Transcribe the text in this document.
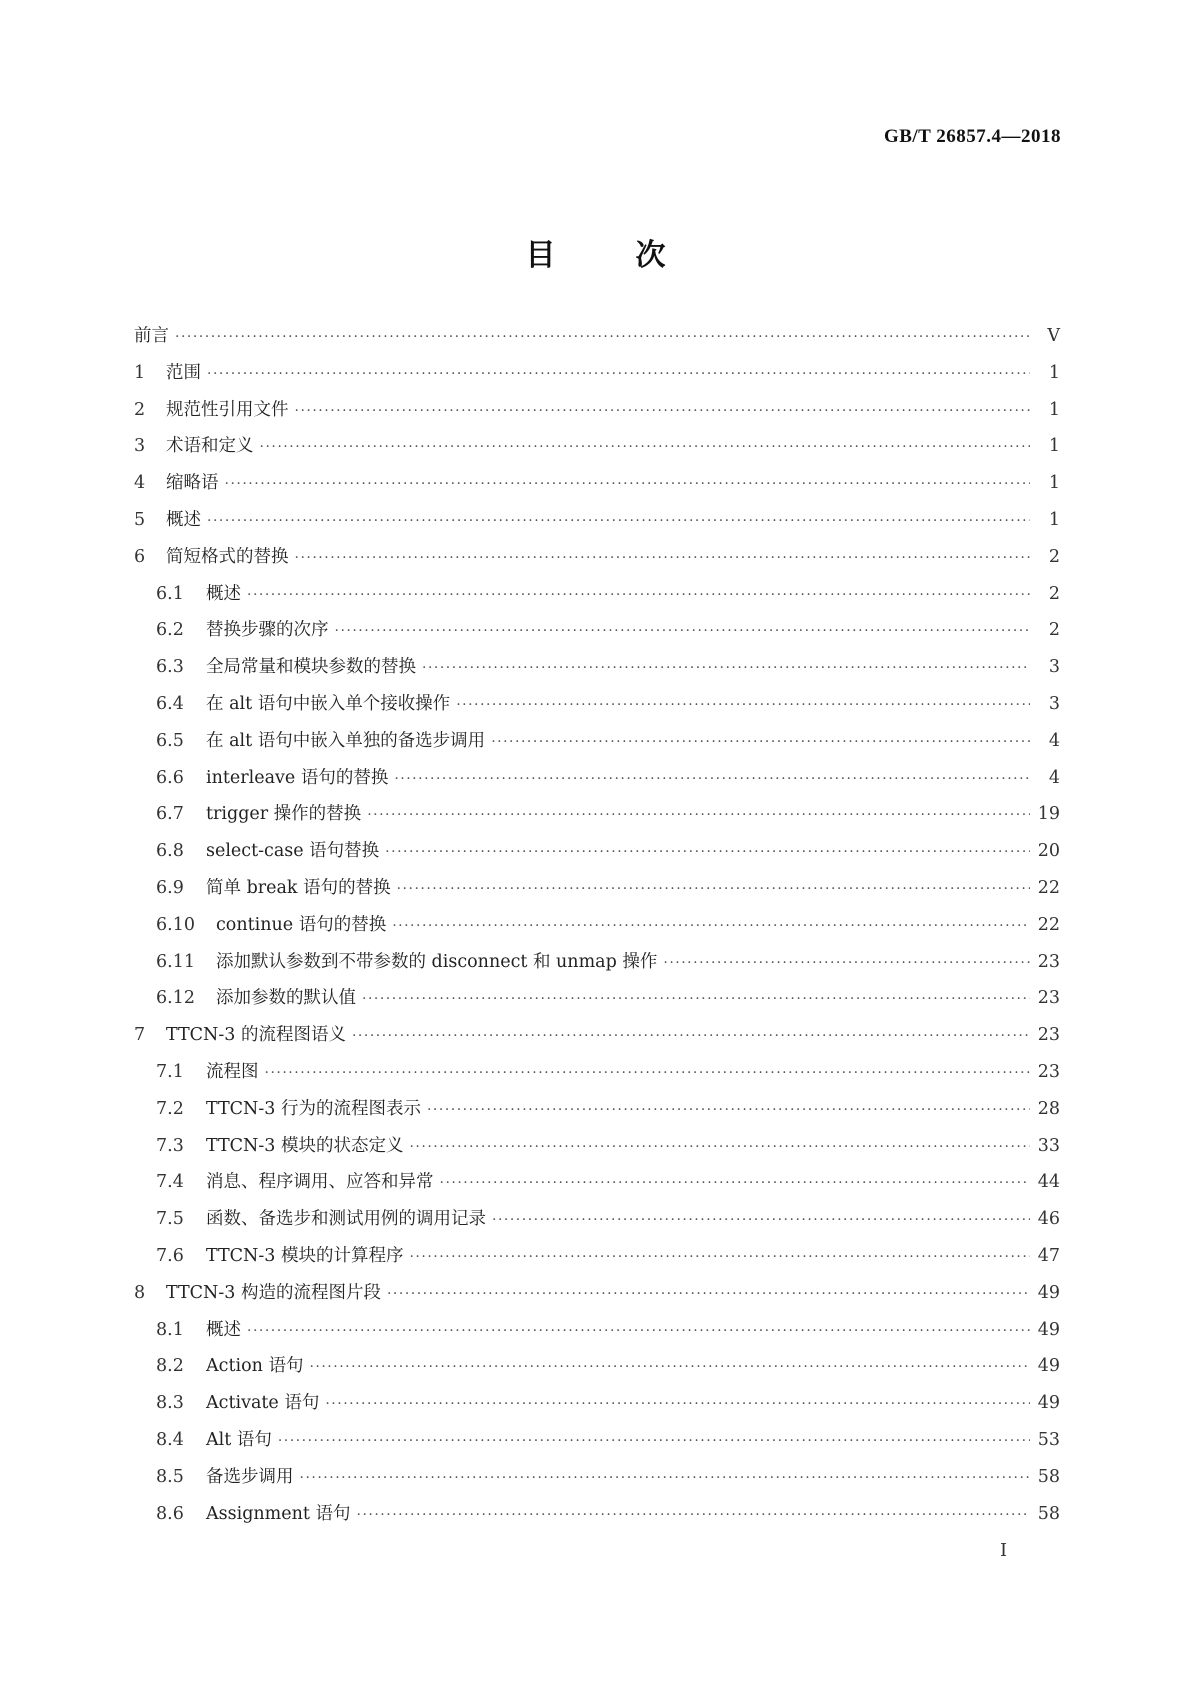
GB/T 26857.4—2018
目	次
前言 ·····	Ⅴ
1	范围 ·····	1
2	规范性引用文件 ·····	1
3	术语和定义 ·····	1
4	缩略语 ·····	1
5	概述 ·····	1
6	简短格式的替换 ·····	2
6.1	概述 ·····	2
6.2	替换步骤的次序 ·····	2
6.3	全局常量和模块参数的替换 ·····	3
6.4	在 alt 语句中嵌入单个接收操作 ·····	3
6.5	在 alt 语句中嵌入单独的备选步调用 ·····	4
6.6	interleave 语句的替换 ·····	4
6.7	trigger 操作的替换 ·····	19
6.8	select-case 语句替换 ·····	20
6.9	简单 break 语句的替换 ·····	22
6.10	continue 语句的替换 ·····	22
6.11	添加默认参数到不带参数的 disconnect 和 unmap 操作 ·····	23
6.12	添加参数的默认值 ·····	23
7	TTCN-3 的流程图语义 ·····	23
7.1	流程图 ·····	23
7.2	TTCN-3 行为的流程图表示 ·····	28
7.3	TTCN-3 模块的状态定义 ·····	33
7.4	消息、程序调用、应答和异常 ·····	44
7.5	函数、备选步和测试用例的调用记录 ·····	46
7.6	TTCN-3 模块的计算程序 ·····	47
8	TTCN-3 构造的流程图片段 ·····	49
8.1	概述 ·····	49
8.2	Action 语句 ·····	49
8.3	Activate 语句 ·····	49
8.4	Alt 语句 ·····	53
8.5	备选步调用 ·····	58
8.6	Assignment 语句 ·····	58
I
